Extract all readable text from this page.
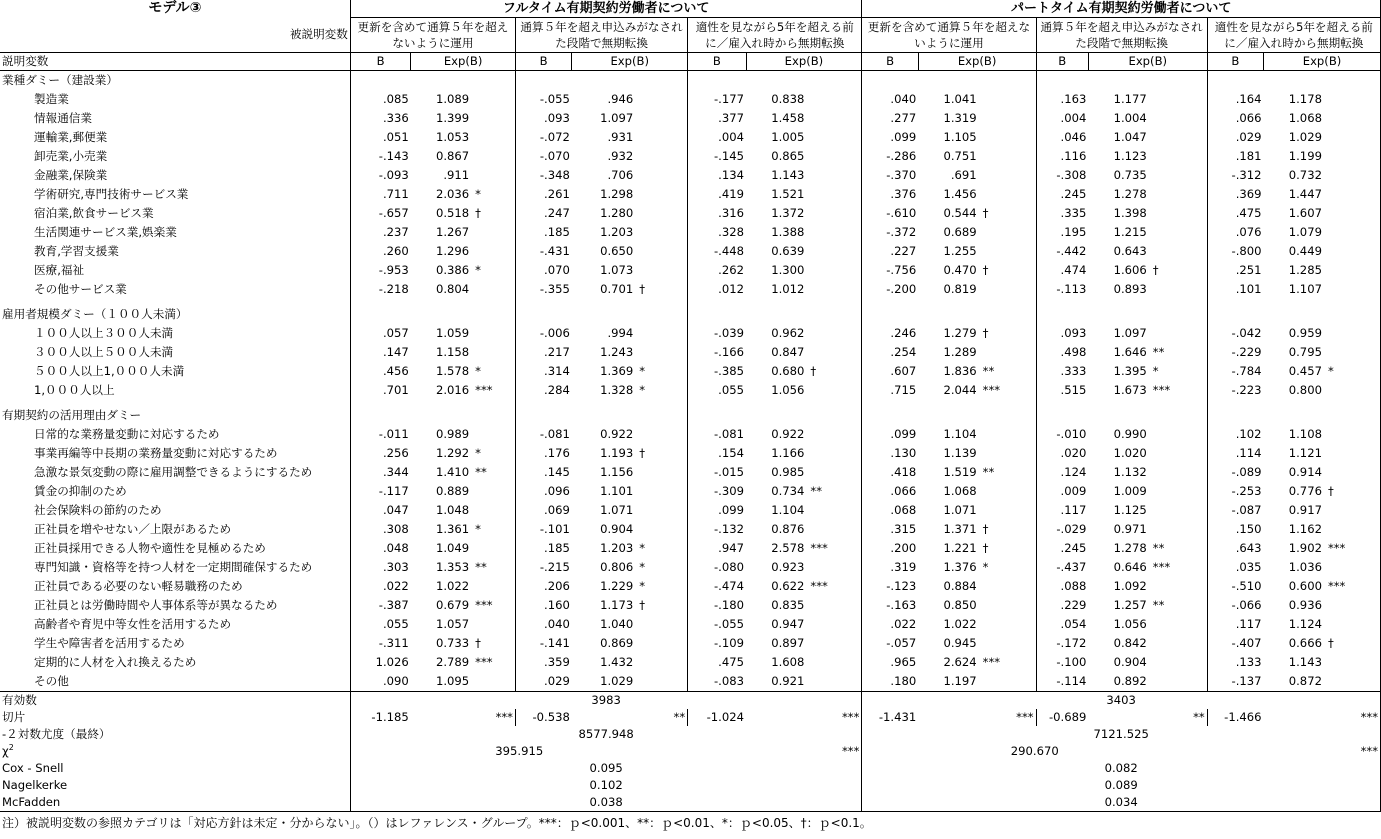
モデル③	フルタイム有期契約労働者について									パートタイム有期契約労働者について								
被説明変数	更新を含めて通算５年を超えないように運用			通算５年を超え申込みがなされた段階で無期転換			適性を見ながら5年を超える前に／雇入れ時から無期転換			更新を含めて通算５年を超えないように運用			通算５年を超え申込みがなされた段階で無期転換			適性を見ながら5年を超える前に／雇入れ時から無期転換		
説明変数	B	Exp(B)		B	Exp(B)		B	Exp(B)		B	Exp(B)		B	Exp(B)		B	Exp(B)	
業種ダミー（建設業）																		
製造業	.085	1.089		-.055	.946		-.177	0.838		.040	1.041		.163	1.177		.164	1.178	
情報通信業	.336	1.399		.093	1.097		.377	1.458		.277	1.319		.004	1.004		.066	1.068	
運輸業,郵便業	.051	1.053		-.072	.931		.004	1.005		.099	1.105		.046	1.047		.029	1.029	
卸売業,小売業	-.143	0.867		-.070	.932		-.145	0.865		-.286	0.751		.116	1.123		.181	1.199	
金融業,保険業	-.093	.911		-.348	.706		.134	1.143		-.370	.691		-.308	0.735		-.312	0.732	
学術研究,専門技術サービス業	.711	2.036	*	.261	1.298		.419	1.521		.376	1.456		.245	1.278		.369	1.447	
宿泊業,飲食サービス業	-.657	0.518	†	.247	1.280		.316	1.372		-.610	0.544	†	.335	1.398		.475	1.607	
生活関連サービス業,娯楽業	.237	1.267		.185	1.203		.328	1.388		-.372	0.689		.195	1.215		.076	1.079	
教育,学習支援業	.260	1.296		-.431	0.650		-.448	0.639		.227	1.255		-.442	0.643		-.800	0.449	
医療,福祉	-.953	0.386	*	.070	1.073		.262	1.300		-.756	0.470	†	.474	1.606	†	.251	1.285	
その他サービス業	-.218	0.804		-.355	0.701	†	.012	1.012		-.200	0.819		-.113	0.893		.101	1.107	

雇用者規模ダミー（１００人未満）																		
１００人以上３００人未満	.057	1.059		-.006	.994		-.039	0.962		.246	1.279	†	.093	1.097		-.042	0.959	
３００人以上５００人未満	.147	1.158		.217	1.243		-.166	0.847		.254	1.289		.498	1.646	**	-.229	0.795	
５００人以上1,０００人未満	.456	1.578	*	.314	1.369	*	-.385	0.680	†	.607	1.836	**	.333	1.395	*	-.784	0.457	*
1,０００人以上	.701	2.016	***	.284	1.328	*	.055	1.056		.715	2.044	***	.515	1.673	***	-.223	0.800	

有期契約の活用理由ダミー																		
日常的な業務量変動に対応するため	-.011	0.989		-.081	0.922		-.081	0.922		.099	1.104		-.010	0.990		.102	1.108	
事業再編等中長期の業務量変動に対応するため	.256	1.292	*	.176	1.193	†	.154	1.166		.130	1.139		.020	1.020		.114	1.121	
急激な景気変動の際に雇用調整できるようにするため	.344	1.410	**	.145	1.156		-.015	0.985		.418	1.519	**	.124	1.132		-.089	0.914	
賃金の抑制のため	-.117	0.889		.096	1.101		-.309	0.734	**	.066	1.068		.009	1.009		-.253	0.776	†
社会保険料の節約のため	.047	1.048		.069	1.071		.099	1.104		.068	1.071		.117	1.125		-.087	0.917	
正社員を増やせない／上限があるため	.308	1.361	*	-.101	0.904		-.132	0.876		.315	1.371	†	-.029	0.971		.150	1.162	
正社員採用できる人物や適性を見極めるため	.048	1.049		.185	1.203	*	.947	2.578	***	.200	1.221	†	.245	1.278	**	.643	1.902	***
専門知識・資格等を持つ人材を一定期間確保するため	.303	1.353	**	-.215	0.806	*	-.080	0.923		.319	1.376	*	-.437	0.646	***	.035	1.036	
正社員である必要のない軽易職務のため	.022	1.022		.206	1.229	*	-.474	0.622	***	-.123	0.884		.088	1.092		-.510	0.600	***
正社員とは労働時間や人事体系等が異なるため	-.387	0.679	***	.160	1.173	†	-.180	0.835		-.163	0.850		.229	1.257	**	-.066	0.936	
高齢者や育児中等女性を活用するため	.055	1.057		.040	1.040		-.055	0.947		.022	1.022		.054	1.056		.117	1.124	
学生や障害者を活用するため	-.311	0.733	†	-.141	0.869		-.109	0.897		-.057	0.945		-.172	0.842		-.407	0.666	†
定期的に人材を入れ換えるため	1.026	2.789	***	.359	1.432		.475	1.608		.965	2.624	***	-.100	0.904		.133	1.143	
その他	.090	1.095		.029	1.029		-.083	0.921		.180	1.197		-.114	0.892		-.137	0.872	
有効数	3983									3403								
切片	-1.185	***		-0.538	**		-1.024	***		-1.431	***		-0.689	**		-1.466	***	
-２対数尤度（最終）	8577.948									7121.525								
$\chi^2$	395.915						***			290.670						***		
Cox - Snell	0.095									0.082								
Nagelkerke	0.102									0.089								
McFadden	0.038									0.034								
注）被説明変数の参照カテゴリは「対応方針は未定・分からない」。（）はレファレンス・グループ。***：ｐ<0.001、**：ｐ<0.01、*：ｐ<0.05、†：ｐ<0.1。																		
